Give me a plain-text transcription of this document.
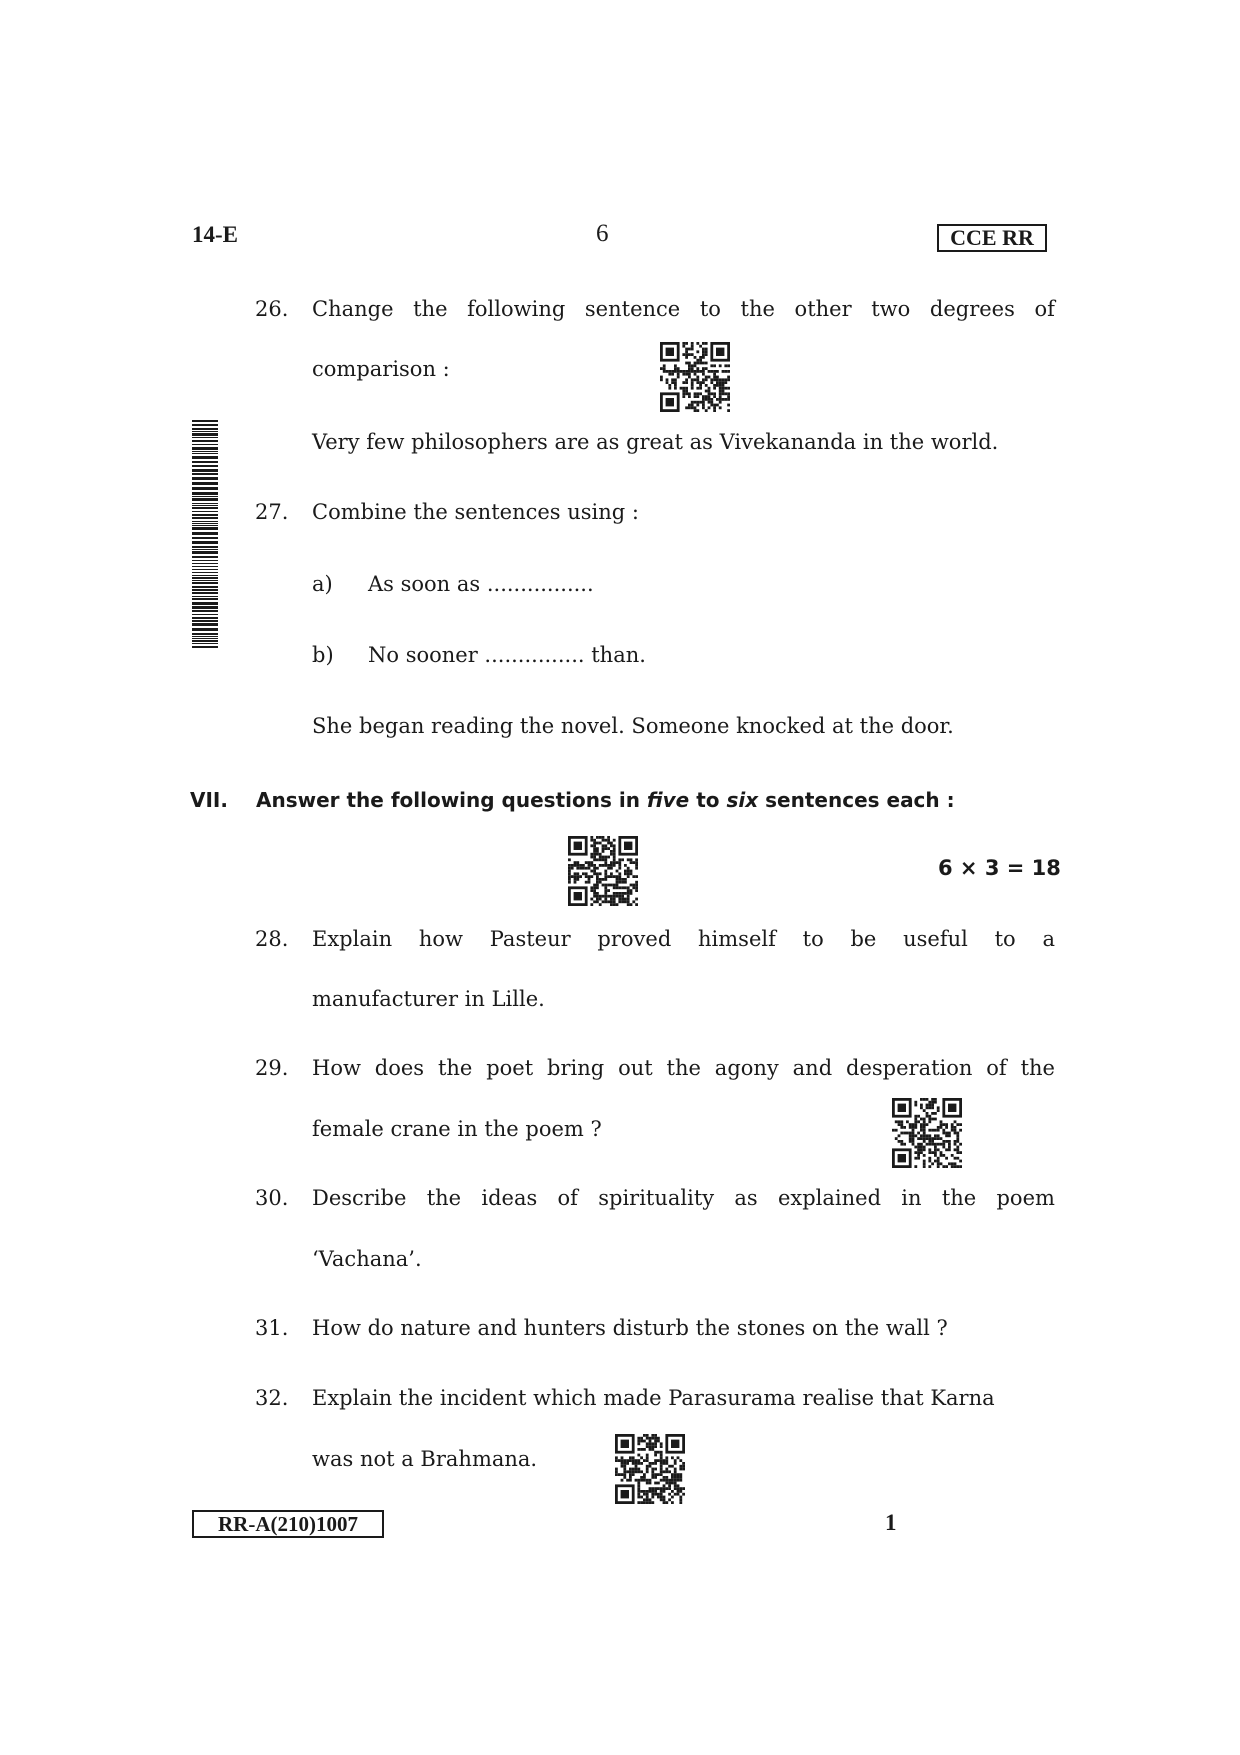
14-E	6	CCE RR
26. Change the following sentence to the other two degrees of
comparison :
Very few philosophers are as great as Vivekananda in the world.
27. Combine the sentences using :
a) As soon as ................
b) No sooner ............... than.
She began reading the novel. Someone knocked at the door.
VII. Answer the following questions in five to six sentences each :
6 × 3 = 18
28. Explain how Pasteur proved himself to be useful to a
manufacturer in Lille.
29. How does the poet bring out the agony and desperation of the
female crane in the poem ?
30. Describe the ideas of spirituality as explained in the poem
‘Vachana’.
31. How do nature and hunters disturb the stones on the wall ?
32. Explain the incident which made Parasurama realise that Karna
was not a Brahmana.
RR-A(210)1007	1
